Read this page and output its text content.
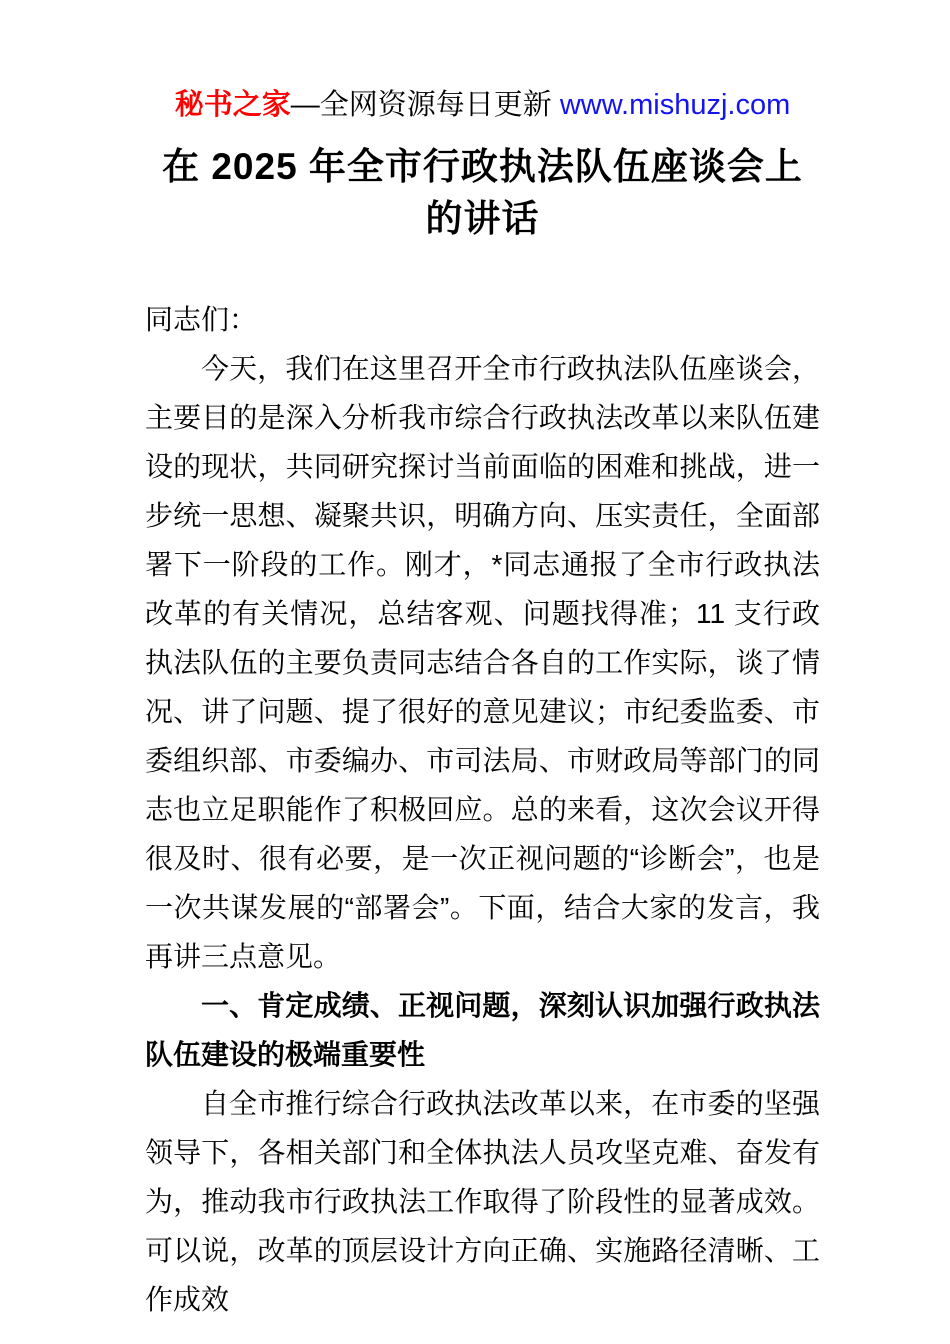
秘书之家—全网资源每日更新 www.mishuzj.com
在 2025 年全市行政执法队伍座谈会上的讲话

同志们：

今天，我们在这里召开全市行政执法队伍座谈会，主要目的是深入分析我市综合行政执法改革以来队伍建设的现状，共同研究探讨当前面临的困难和挑战，进一步统一思想、凝聚共识，明确方向、压实责任，全面部署下一阶段的工作。刚才，*同志通报了全市行政执法改革的有关情况，总结客观、问题找得准；11 支行政执法队伍的主要负责同志结合各自的工作实际，谈了情况、讲了问题、提了很好的意见建议；市纪委监委、市委组织部、市委编办、市司法局、市财政局等部门的同志也立足职能作了积极回应。总的来看，这次会议开得很及时、很有必要，是一次正视问题的“诊断会”，也是一次共谋发展的“部署会”。下面，结合大家的发言，我再讲三点意见。

一、肯定成绩、正视问题，深刻认识加强行政执法队伍建设的极端重要性

自全市推行综合行政执法改革以来，在市委的坚强领导下，各相关部门和全体执法人员攻坚克难、奋发有为，推动我市行政执法工作取得了阶段性的显著成效。可以说，改革的顶层设计方向正确、实施路径清晰、工作成效
